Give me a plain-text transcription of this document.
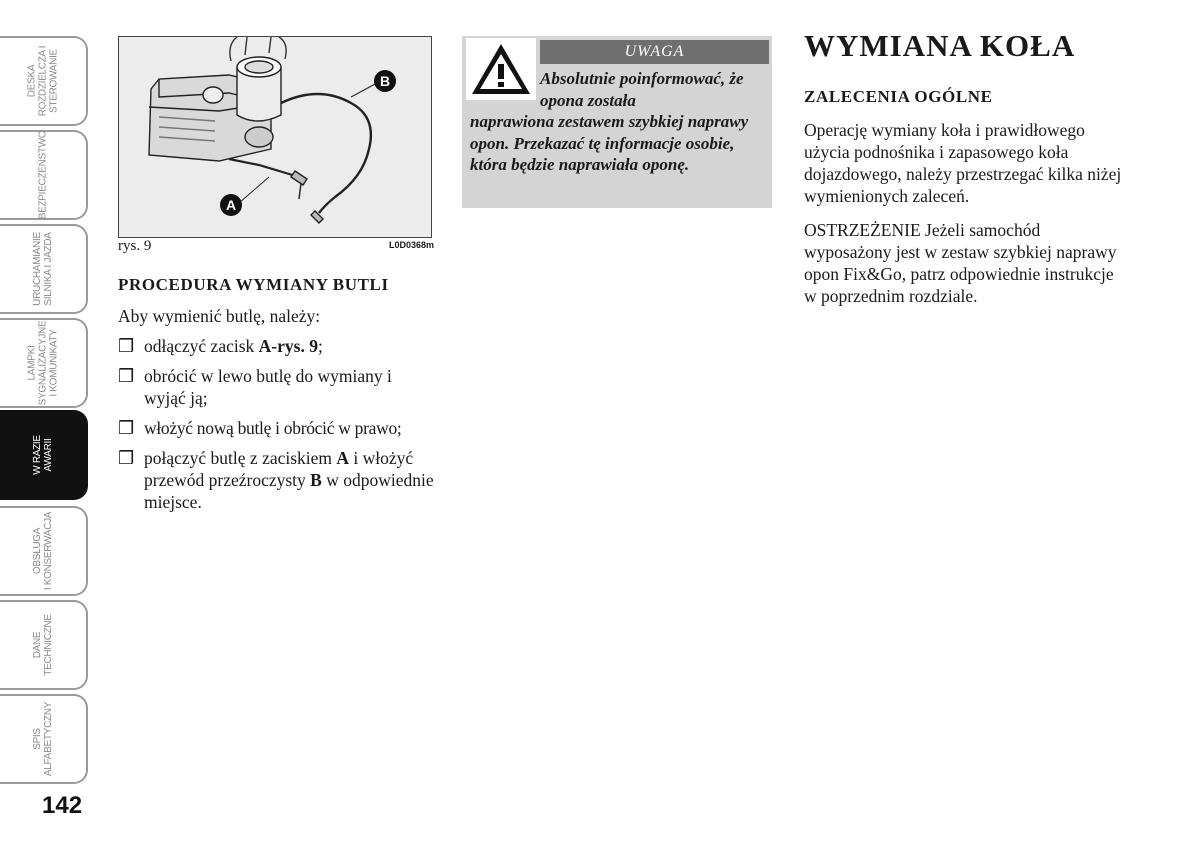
DESKA
ROZDZIELCZA I
STEROWANIE
BEZPIECZEŃSTWO
URUCHAMIANIE
SILNIKA I JAZDA
LAMPKI
SYGNALIZACYJNE
I KOMUNIKATY
W RAZIE
AWARII
OBSŁUGA
I KONSERWACJA
DANE
TECHNICZNE
SPIS
ALFABETYCZNY
142
B
A
rys. 9	L0D0368m
PROCEDURA WYMIANY BUTLI

Aby wymienić butlę, należy:

❒ odłączyć zacisk A-rys. 9;
❒ obrócić w lewo butlę do wymiany i wyjąć ją;
❒ włożyć nową butlę i obrócić w prawo;
❒ połączyć butlę z zaciskiem A i włożyć przewód przeźroczysty B w odpowiednie miejsce.
UWAGA
Absolutnie poinformować, że opona została
naprawiona zestawem szybkiej naprawy opon. Przekazać tę informacje osobie, która będzie naprawiała oponę.
WYMIANA KOŁA
ZALECENIA OGÓLNE

Operację wymiany koła i prawidłowego użycia podnośnika i zapasowego koła dojazdowego, należy przestrzegać kilka niżej wymienionych zaleceń.

OSTRZEŻENIE Jeżeli samochód wyposażony jest w zestaw szybkiej naprawy opon Fix&Go, patrz odpowiednie instrukcje w poprzednim rozdziale.
